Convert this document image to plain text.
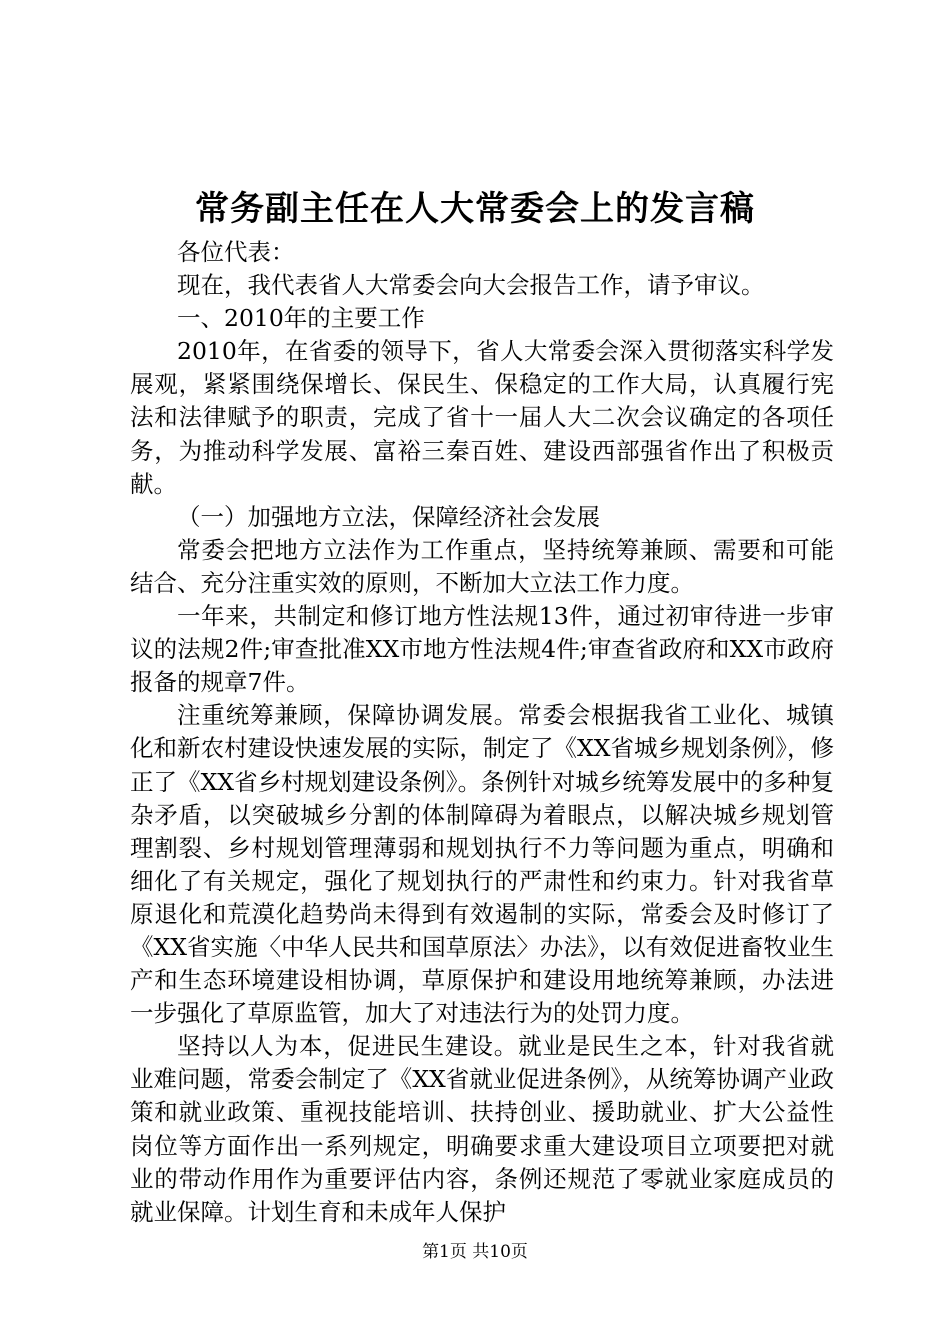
常务副主任在人大常委会上的发言稿

各位代表：

现在，我代表省人大常委会向大会报告工作，请予审议。

一、2010年的主要工作

2010年，在省委的领导下，省人大常委会深入贯彻落实科学发展观，紧紧围绕保增长、保民生、保稳定的工作大局，认真履行宪法和法律赋予的职责，完成了省十一届人大二次会议确定的各项任务，为推动科学发展、富裕三秦百姓、建设西部强省作出了积极贡献。

（一）加强地方立法，保障经济社会发展

常委会把地方立法作为工作重点，坚持统筹兼顾、需要和可能结合、充分注重实效的原则，不断加大立法工作力度。

一年来，共制定和修订地方性法规13件，通过初审待进一步审议的法规2件;审查批准XX市地方性法规4件;审查省政府和XX市政府报备的规章7件。

注重统筹兼顾，保障协调发展。常委会根据我省工业化、城镇化和新农村建设快速发展的实际，制定了《XX省城乡规划条例》，修正了《XX省乡村规划建设条例》。条例针对城乡统筹发展中的多种复杂矛盾，以突破城乡分割的体制障碍为着眼点，以解决城乡规划管理割裂、乡村规划管理薄弱和规划执行不力等问题为重点，明确和细化了有关规定，强化了规划执行的严肃性和约束力。针对我省草原退化和荒漠化趋势尚未得到有效遏制的实际，常委会及时修订了《XX省实施〈中华人民共和国草原法〉办法》，以有效促进畜牧业生产和生态环境建设相协调，草原保护和建设用地统筹兼顾，办法进一步强化了草原监管，加大了对违法行为的处罚力度。

坚持以人为本，促进民生建设。就业是民生之本，针对我省就业难问题，常委会制定了《XX省就业促进条例》，从统筹协调产业政策和就业政策、重视技能培训、扶持创业、援助就业、扩大公益性岗位等方面作出一系列规定，明确要求重大建设项目立项要把对就业的带动作用作为重要评估内容，条例还规范了零就业家庭成员的就业保障。计划生育和未成年人保护

第1页 共10页
